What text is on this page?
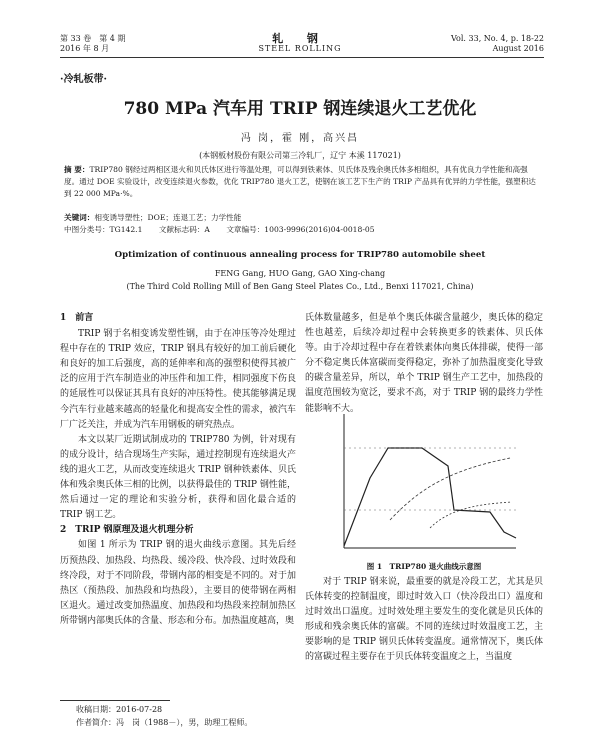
第 33 卷　第 4 期
2016 年 8 月
轧 钢
STEEL ROLLING
Vol. 33, No. 4, p. 18-22
August 2016
·冷轧板带·
780 MPa 汽车用 TRIP 钢连续退火工艺优化
冯 岗，霍 刚，高兴昌
(本钢板材股份有限公司第三冷轧厂，辽宁 本溪 117021)
摘 要：TRIP780 钢经过两相区退火和贝氏体区进行等温处理，可以得到铁素体、贝氏体及残余奥氏体多相组织，具有优良力学性能和高强度。通过 DOE 实验设计，改变连续退火参数，优化 TRIP780 退火工艺，使钢在该工艺下生产的 TRIP 产品具有优异的力学性能，强塑积达到 22 000 MPa·%。
关键词：相变诱导塑性；DOE；连退工艺；力学性能
中图分类号：TG142.1 文献标志码：A 文章编号：1003-9996(2016)04-0018-05
Optimization of continuous annealing process for TRIP780 automobile sheet
FENG Gang, HUO Gang, GAO Xing-chang
(The Third Cold Rolling Mill of Ben Gang Steel Plates Co., Ltd., Benxi 117021, China)
1　前言

TRIP 钢于名相变诱发塑性钢，由于在冲压等冷处理过程中存在的 TRIP 效应，TRIP 钢具有较好的加工前后硬化和良好的加工后强度，高的延伸率和高的强塑积使得其被广泛的应用于汽车制造业的冲压件和加工件，相同强度下伤良的延展性可以保证其具有良好的冲压特性。使其能够满足现今汽车行业越来越高的轻量化和提高安全性的需求，被汽车厂广泛关注，并成为汽车用钢板的研究热点。

本文以某厂近期试制成功的 TRIP780 为例，针对现有的成分设计，结合现场生产实际，通过控制现有连续退火产线的退火工艺，从而改变连续退火 TRIP 钢种铁素体、贝氏体和残余奥氏体三相的比例，以获得最佳的 TRIP 钢性能，然后通过一定的理论和实验分析，获得和固化最合适的 TRIP 钢工艺。

2　TRIP 钢原理及退火机理分析

如图 1 所示为 TRIP 钢的退火曲线示意图。其先后经历预热段、加热段、均热段、缓冷段、快冷段、过时效段和终冷段，对于不同阶段，带钢内部的相变是不同的。对于加热区（预热段、加热段和均热段），主要目的使带钢在两相区退火。通过改变加热温度、加热段和均热段来控制加热区所带钢内部奥氏体的含量、形态和分布。加热温度越高，奥

氏体数量越多，但是单个奥氏体碳含量越少，奥氏体的稳定性也越差，后续冷却过程中会转换更多的铁素体、贝氏体等。由于冷却过程中存在着铁素体向奥氏体排碳，使得一部分不稳定奥氏体富碳而变得稳定，弥补了加热温度变化导致的碳含量差异，所以，单个 TRIP 钢生产工艺中，加热段的温度范围较为宽泛，要求不高，对于 TRIP 钢的最终力学性能影响不大。

图 1　TRIP780 退火曲线示意图

对于 TRIP 钢来说，最重要的就是冷段工艺，尤其是贝氏体转变的控制温度，即过时效入口（快冷段出口）温度和过时效出口温度。过时效处理主要发生的变化就是贝氏体的形成和残余奥氏体的富碳。不同的连续过时效温度工艺，主要影响的是 TRIP 钢贝氏体转变温度。通常情况下，奥氏体的富碳过程主要存在于贝氏体转变温度之上，当温度

收稿日期：2016-07-28
作者简介：冯　岗（1988－），男，助理工程师。
